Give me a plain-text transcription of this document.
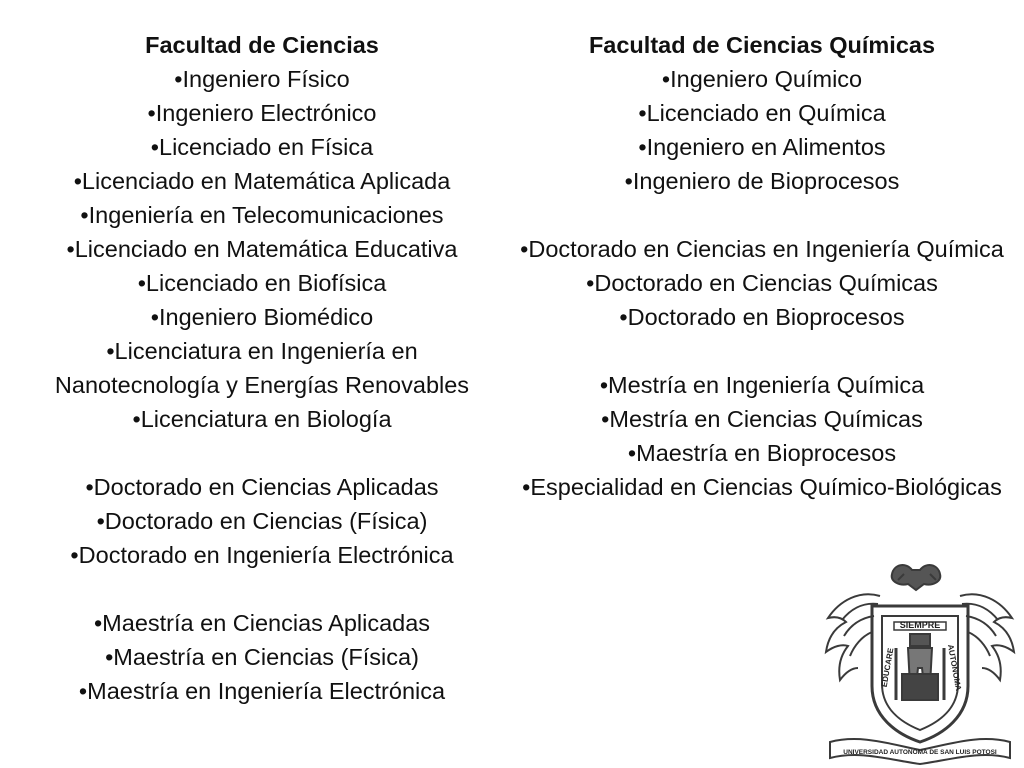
Facultad de Ciencias
•Ingeniero Físico
•Ingeniero Electrónico
•Licenciado en Física
•Licenciado en Matemática Aplicada
•Ingeniería en Telecomunicaciones
•Licenciado en Matemática Educativa
•Licenciado en Biofísica
•Ingeniero Biomédico
•Licenciatura en Ingeniería en Nanotecnología y Energías Renovables
•Licenciatura en Biología
•Doctorado en Ciencias Aplicadas
•Doctorado en Ciencias (Física)
•Doctorado en Ingeniería Electrónica
•Maestría en Ciencias Aplicadas
•Maestría en Ciencias (Física)
•Maestría en Ingeniería Electrónica
Facultad de Ciencias Químicas
•Ingeniero Químico
•Licenciado en Química
•Ingeniero en Alimentos
•Ingeniero de Bioprocesos
•Doctorado en Ciencias en Ingeniería Química
•Doctorado en Ciencias Químicas
•Doctorado en Bioprocesos
•Mestría en Ingeniería Química
•Mestría en Ciencias Químicas
•Maestría en Bioprocesos
•Especialidad en Ciencias Químico-Biológicas
SIEMPRE
EDUCARE	AUTONOMA
UNIVERSIDAD AUTONOMA DE SAN LUIS POTOSI
